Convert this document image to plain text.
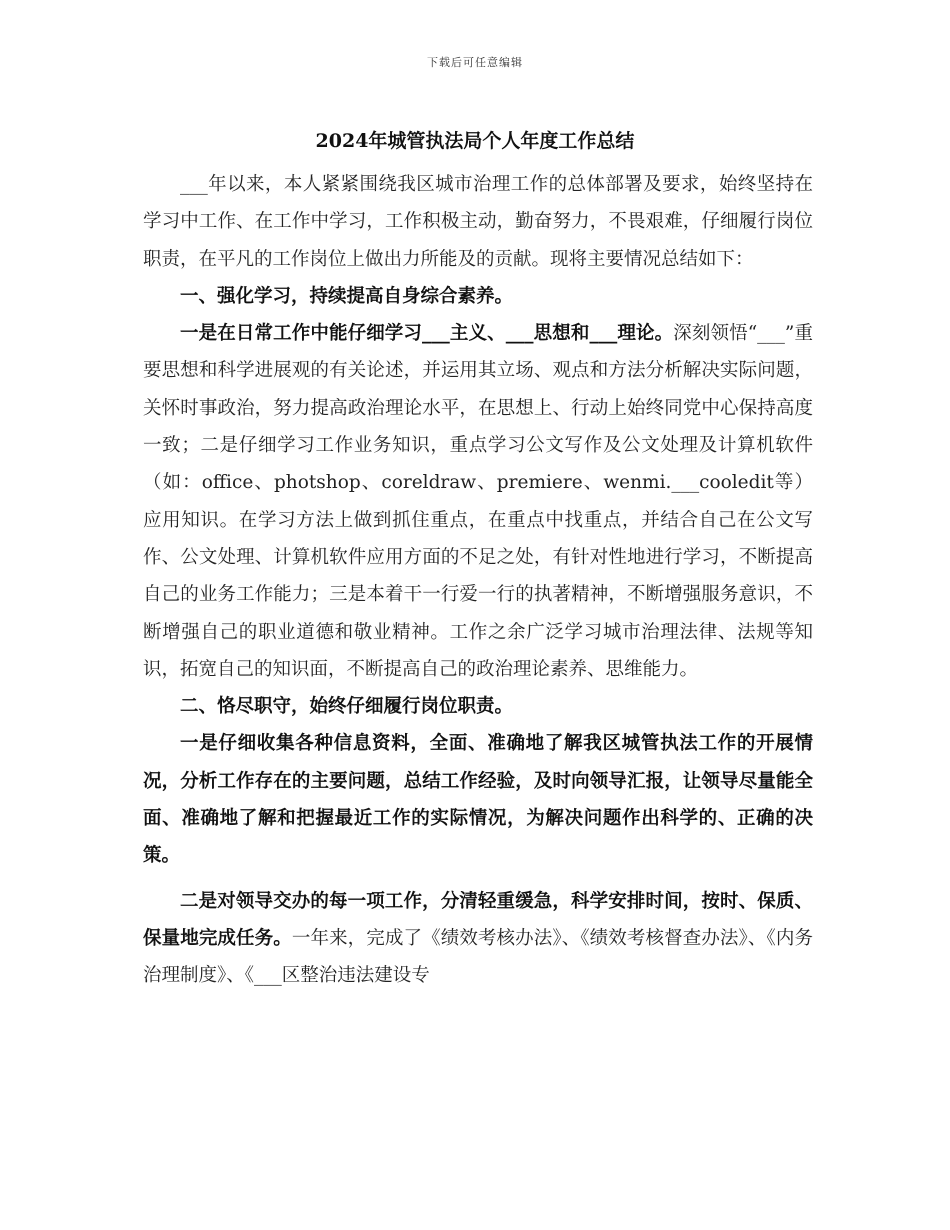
下载后可任意编辑
2024年城管执法局个人年度工作总结

___年以来，本人紧紧围绕我区城市治理工作的总体部署及要求，始终坚持在学习中工作、在工作中学习，工作积极主动，勤奋努力，不畏艰难，仔细履行岗位职责，在平凡的工作岗位上做出力所能及的贡献。现将主要情况总结如下：

一、强化学习，持续提高自身综合素养。

一是在日常工作中能仔细学习___主义、___思想和___理论。深刻领悟“___”重要思想和科学进展观的有关论述，并运用其立场、观点和方法分析解决实际问题，关怀时事政治，努力提高政治理论水平，在思想上、行动上始终同党中心保持高度一致；二是仔细学习工作业务知识，重点学习公文写作及公文处理及计算机软件（如：office、photshop、coreldraw、premiere、wenmi.___cooledit等）应用知识。在学习方法上做到抓住重点，在重点中找重点，并结合自己在公文写作、公文处理、计算机软件应用方面的不足之处，有针对性地进行学习，不断提高自己的业务工作能力；三是本着干一行爱一行的执著精神，不断增强服务意识，不断增强自己的职业道德和敬业精神。工作之余广泛学习城市治理法律、法规等知识，拓宽自己的知识面，不断提高自己的政治理论素养、思维能力。

二、恪尽职守，始终仔细履行岗位职责。

一是仔细收集各种信息资料，全面、准确地了解我区城管执法工作的开展情况，分析工作存在的主要问题，总结工作经验，及时向领导汇报，让领导尽量能全面、准确地了解和把握最近工作的实际情况，为解决问题作出科学的、正确的决策。

二是对领导交办的每一项工作，分清轻重缓急，科学安排时间，按时、保质、保量地完成任务。一年来，完成了《绩效考核办法》、《绩效考核督查办法》、《内务治理制度》、《___区整治违法建设专
